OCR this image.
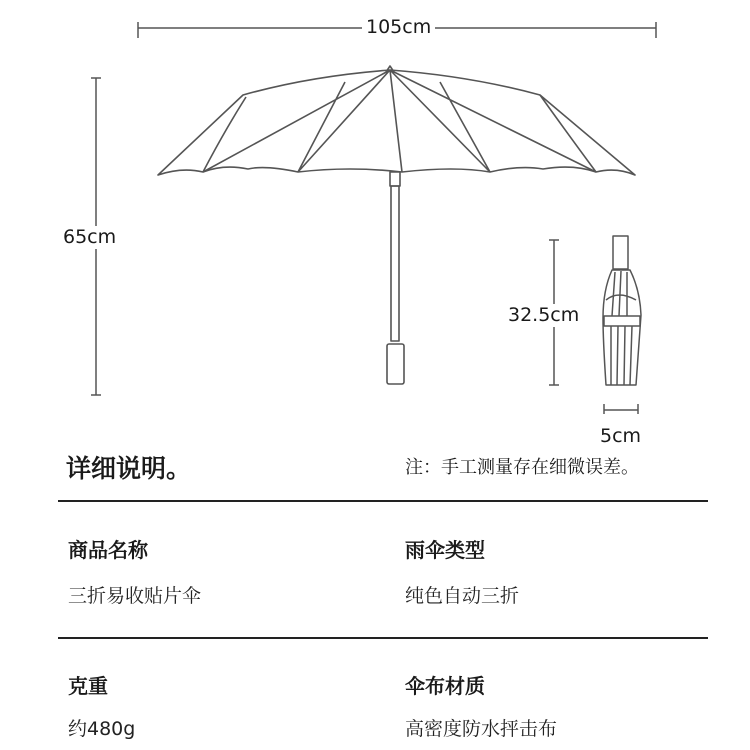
105cm
65cm
32.5cm
5cm
详细说明。	注：手工测量存在细微误差。
商品名称	雨伞类型
三折易收贴片伞	纯色自动三折
克重	伞布材质
约480g	高密度防水抨击布
